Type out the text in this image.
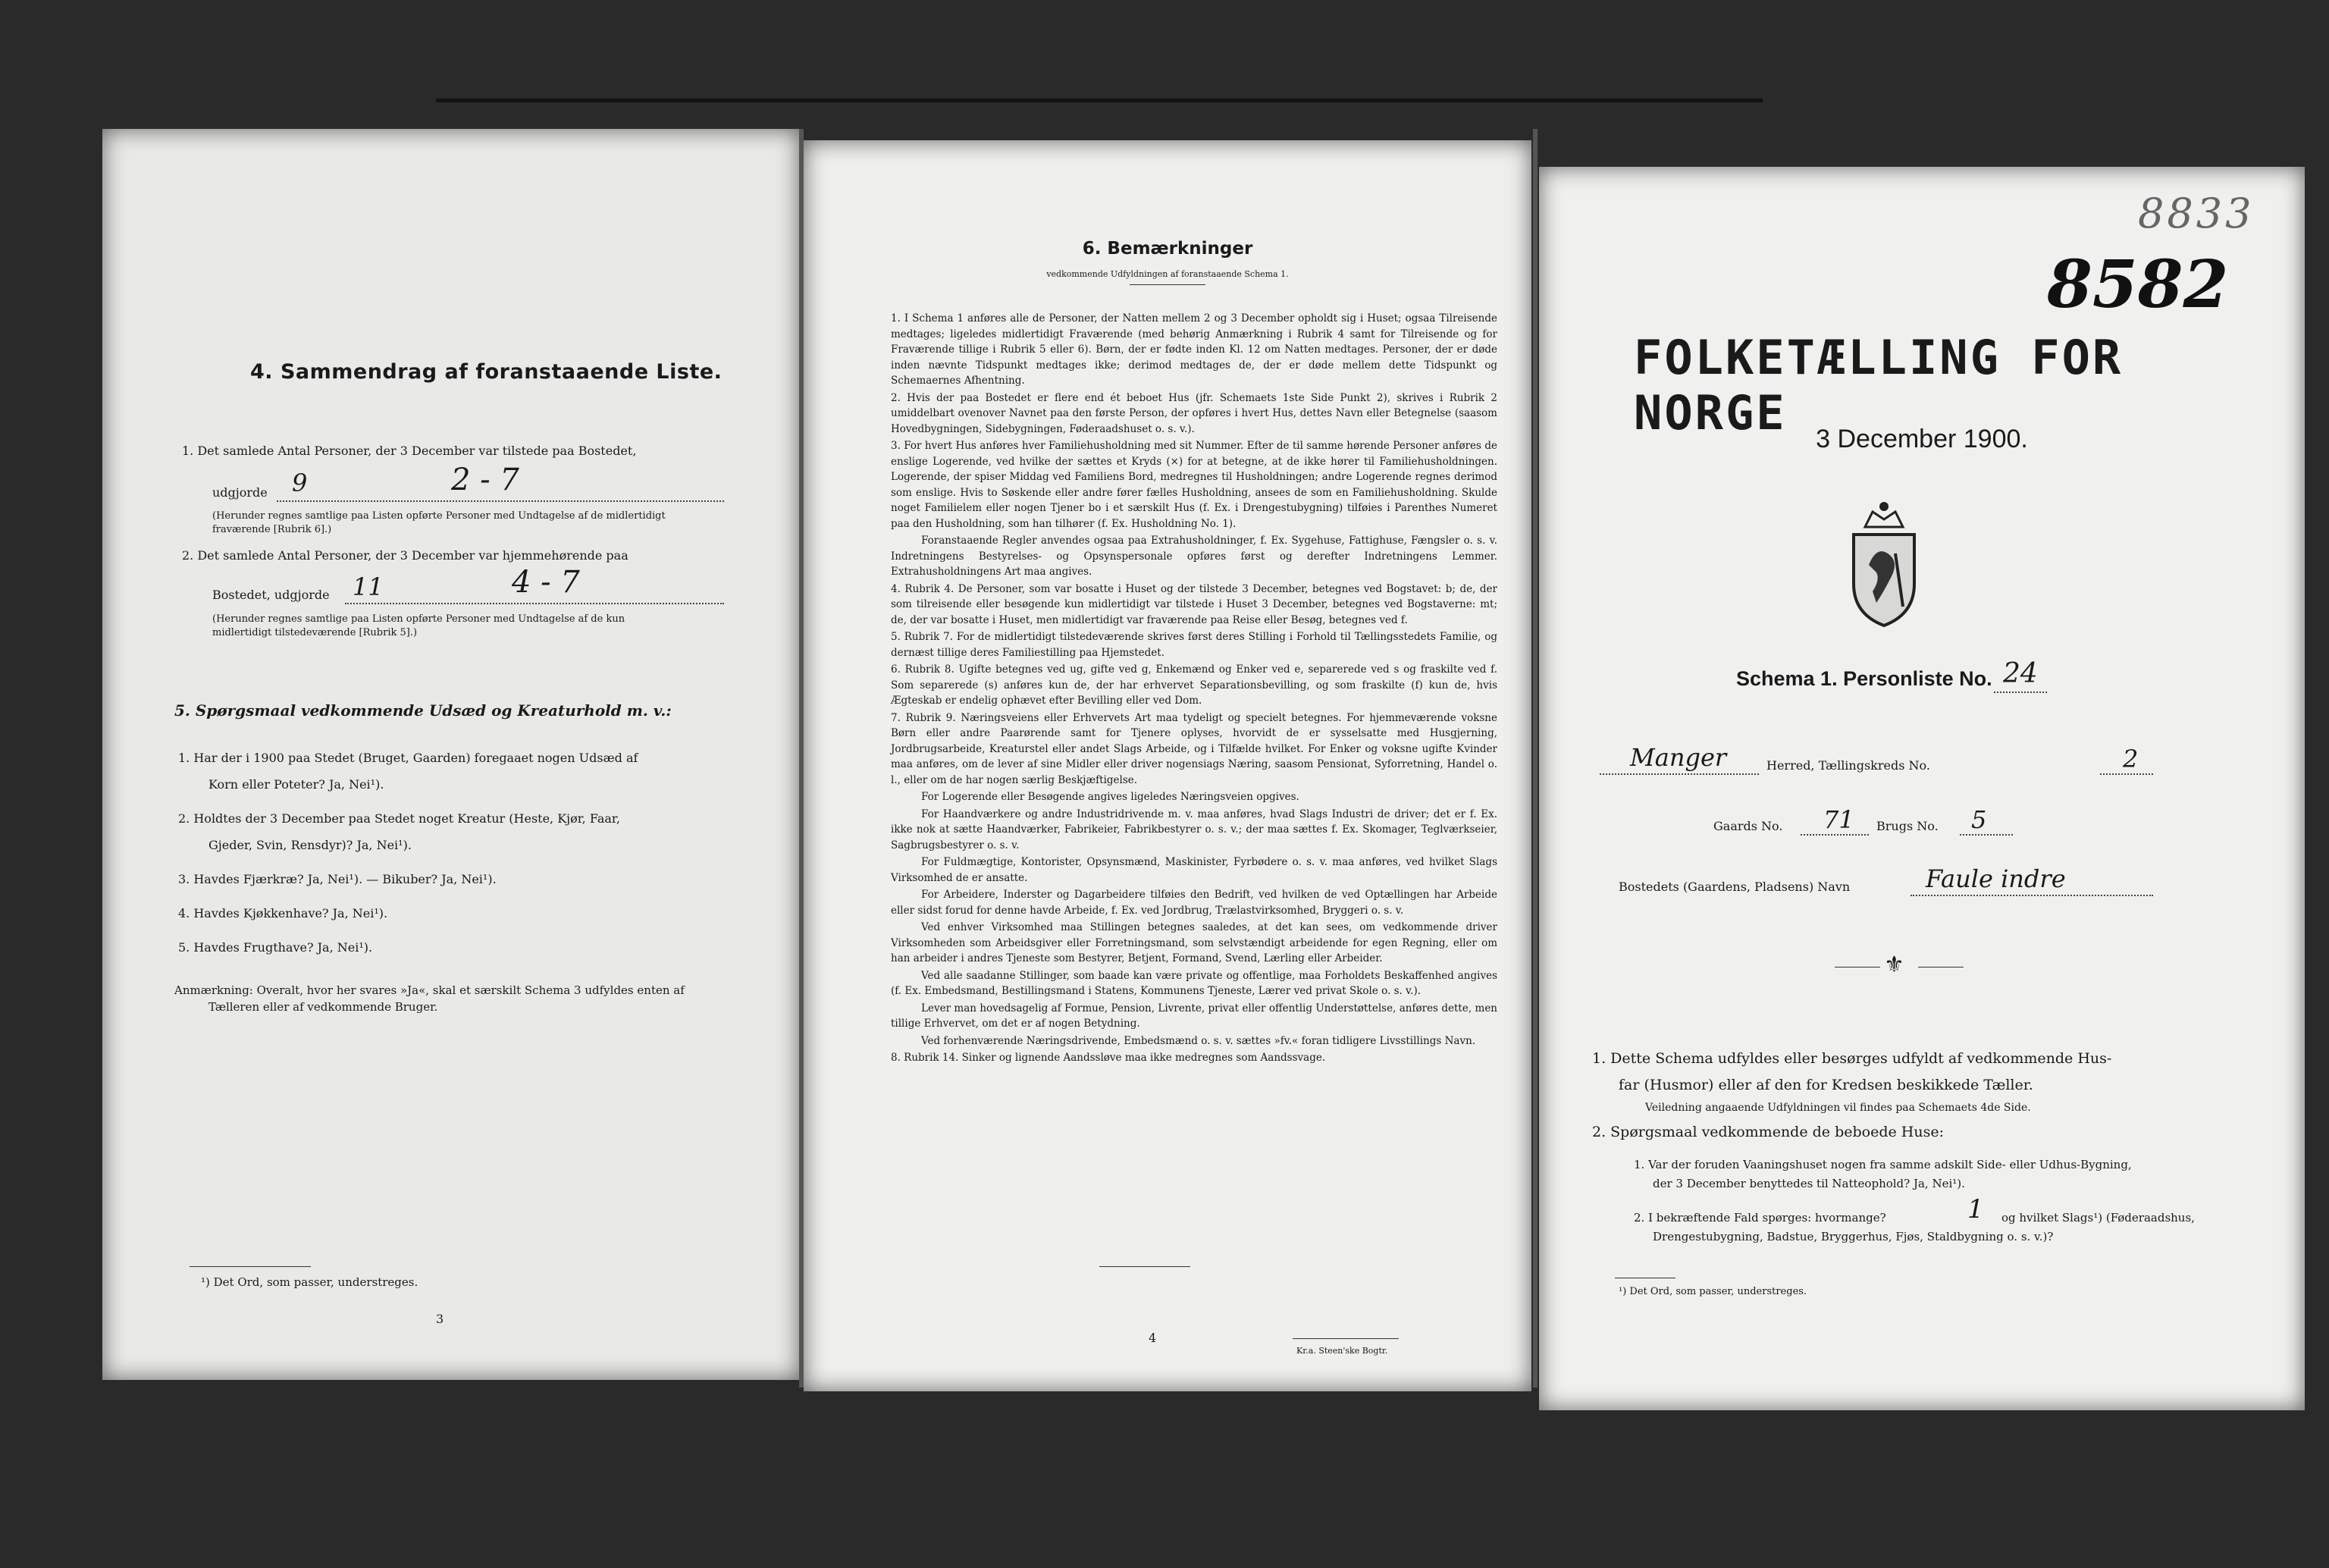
4. Sammendrag af foranstaaende Liste.
1. Det samlede Antal Personer, der 3 December var tilstede paa Bostedet,
udgjorde 9	2 - 7
(Herunder regnes samtlige paa Listen opførte Personer med Undtagelse af de midlertidigt
fraværende [Rubrik 6].)
2. Det samlede Antal Personer, der 3 December var hjemmehørende paa
Bostedet, udgjorde 11	4 - 7
(Herunder regnes samtlige paa Listen opførte Personer med Undtagelse af de kun
midlertidigt tilstedeværende [Rubrik 5].)
5. Spørgsmaal vedkommende Udsæd og Kreaturhold m. v.:
1. Har der i 1900 paa Stedet (Bruget, Gaarden) foregaaet nogen Udsæd af
Korn eller Poteter? Ja, Nei¹).
2. Holdtes der 3 December paa Stedet noget Kreatur (Heste, Kjør, Faar,
Gjeder, Svin, Rensdyr)? Ja, Nei¹).
3. Havdes Fjærkræ? Ja, Nei¹). — Bikuber? Ja, Nei¹).
4. Havdes Kjøkkenhave? Ja, Nei¹).
5. Havdes Frugthave? Ja, Nei¹).
Anmærkning: Overalt, hvor her svares »Ja«, skal et særskilt Schema 3 udfyldes enten af
Tælleren eller af vedkommende Bruger.
¹) Det Ord, som passer, understreges.
3
6. Bemærkninger
vedkommende Udfyldningen af foranstaaende Schema 1.

1. I Schema 1 anføres alle de Personer, der Natten mellem 2 og 3 December opholdt sig i Huset; ogsaa Tilreisende medtages; ligeledes midlertidigt Fraværende (med behørig Anmærkning i Rubrik 4 samt for Tilreisende og for Fraværende tillige i Rubrik 5 eller 6). Børn, der er fødte inden Kl. 12 om Natten medtages. Personer, der er døde inden nævnte Tidspunkt medtages ikke; derimod medtages de, der er døde mellem dette Tidspunkt og Schemaernes Afhentning.

2. Hvis der paa Bostedet er flere end ét beboet Hus (jfr. Schemaets 1ste Side Punkt 2), skrives i Rubrik 2 umiddelbart ovenover Navnet paa den første Person, der opføres i hvert Hus, dettes Navn eller Betegnelse (saasom Hovedbygningen, Sidebygningen, Føderaadshuset o. s. v.).

3. For hvert Hus anføres hver Familiehusholdning med sit Nummer. Efter de til samme hørende Personer anføres de enslige Logerende, ved hvilke der sættes et Kryds (×) for at betegne, at de ikke hører til Familiehusholdningen. Logerende, der spiser Middag ved Familiens Bord, medregnes til Husholdningen; andre Logerende regnes derimod som enslige. Hvis to Søskende eller andre fører fælles Husholdning, ansees de som en Familiehusholdning. Skulde noget Familielem eller nogen Tjener bo i et særskilt Hus (f. Ex. i Drengestubygning) tilføies i Parenthes Numeret paa den Husholdning, som han tilhører (f. Ex. Husholdning No. 1).

Foranstaaende Regler anvendes ogsaa paa Extrahusholdninger, f. Ex. Sygehuse, Fattighuse, Fængsler o. s. v. Indretningens Bestyrelses- og Opsynspersonale opføres først og derefter Indretningens Lemmer. Extrahusholdningens Art maa angives.

4. Rubrik 4. De Personer, som var bosatte i Huset og der tilstede 3 December, betegnes ved Bogstavet: b; de, der som tilreisende eller besøgende kun midlertidigt var tilstede i Huset 3 December, betegnes ved Bogstaverne: mt; de, der var bosatte i Huset, men midlertidigt var fraværende paa Reise eller Besøg, betegnes ved f.

5. Rubrik 7. For de midlertidigt tilstedeværende skrives først deres Stilling i Forhold til Tællingsstedets Familie, og dernæst tillige deres Familiestilling paa Hjemstedet.

6. Rubrik 8. Ugifte betegnes ved ug, gifte ved g, Enkemænd og Enker ved e, separerede ved s og fraskilte ved f. Som separerede (s) anføres kun de, der har erhvervet Separationsbevilling, og som fraskilte (f) kun de, hvis Ægteskab er endelig ophævet efter Bevilling eller ved Dom.

7. Rubrik 9. Næringsveiens eller Erhvervets Art maa tydeligt og specielt betegnes. For hjemmeværende voksne Børn eller andre Paarørende samt for Tjenere oplyses, hvorvidt de er sysselsatte med Husgjerning, Jordbrugsarbeide, Kreaturstel eller andet Slags Arbeide, og i Tilfælde hvilket. For Enker og voksne ugifte Kvinder maa anføres, om de lever af sine Midler eller driver nogensiags Næring, saasom Pensionat, Syforretning, Handel o. l., eller om de har nogen særlig Beskjæftigelse.

For Logerende eller Besøgende angives ligeledes Næringsveien opgives.

For Haandværkere og andre Industridrivende m. v. maa anføres, hvad Slags Industri de driver; det er f. Ex. ikke nok at sætte Haandværker, Fabrikeier, Fabrikbestyrer o. s. v.; der maa sættes f. Ex. Skomager, Teglværkseier, Sagbrugsbestyrer o. s. v.

For Fuldmægtige, Kontorister, Opsynsmænd, Maskinister, Fyrbødere o. s. v. maa anføres, ved hvilket Slags Virksomhed de er ansatte.

For Arbeidere, Inderster og Dagarbeidere tilføies den Bedrift, ved hvilken de ved Optællingen har Arbeide eller sidst forud for denne havde Arbeide, f. Ex. ved Jordbrug, Trælastvirksomhed, Bryggeri o. s. v.

Ved enhver Virksomhed maa Stillingen betegnes saaledes, at det kan sees, om vedkommende driver Virksomheden som Arbeidsgiver eller Forretningsmand, som selvstændigt arbeidende for egen Regning, eller om han arbeider i andres Tjeneste som Bestyrer, Betjent, Formand, Svend, Lærling eller Arbeider.

Ved alle saadanne Stillinger, som baade kan være private og offentlige, maa Forholdets Beskaffenhed angives (f. Ex. Embedsmand, Bestillingsmand i Statens, Kommunens Tjeneste, Lærer ved privat Skole o. s. v.).

Lever man hovedsagelig af Formue, Pension, Livrente, privat eller offentlig Understøttelse, anføres dette, men tillige Erhvervet, om det er af nogen Betydning.

Ved forhenværende Næringsdrivende, Embedsmænd o. s. v. sættes »fv.« foran tidligere Livsstillings Navn.

8. Rubrik 14. Sinker og lignende Aandssløve maa ikke medregnes som Aandssvage.

4
Kr.a. Steen'ske Bogtr.
8833
8582
FOLKETÆLLING FOR NORGE	3 December 1900.
Schema 1. Personliste No. 24
Manger	Herred, Tællingskreds No.	2
Gaards No. 71 Brugs No. 5
Bostedets (Gaardens, Pladsens) Navn	Faule indre
⚜
1. Dette Schema udfyldes eller besørges udfyldt af vedkommende Hus-
far (Husmor) eller af den for Kredsen beskikkede Tæller.
Veiledning angaaende Udfyldningen vil findes paa Schemaets 4de Side.
2. Spørgsmaal vedkommende de beboede Huse:
1. Var der foruden Vaaningshuset nogen fra samme adskilt Side- eller Udhus-Bygning,
der 3 December benyttedes til Natteophold? Ja, Nei¹).
2. I bekræftende Fald spørges: hvormange?	1 og hvilket Slags¹) (Føderaadshus,
Drengestubygning, Badstue, Bryggerhus, Fjøs, Staldbygning o. s. v.)?
¹) Det Ord, som passer, understreges.
